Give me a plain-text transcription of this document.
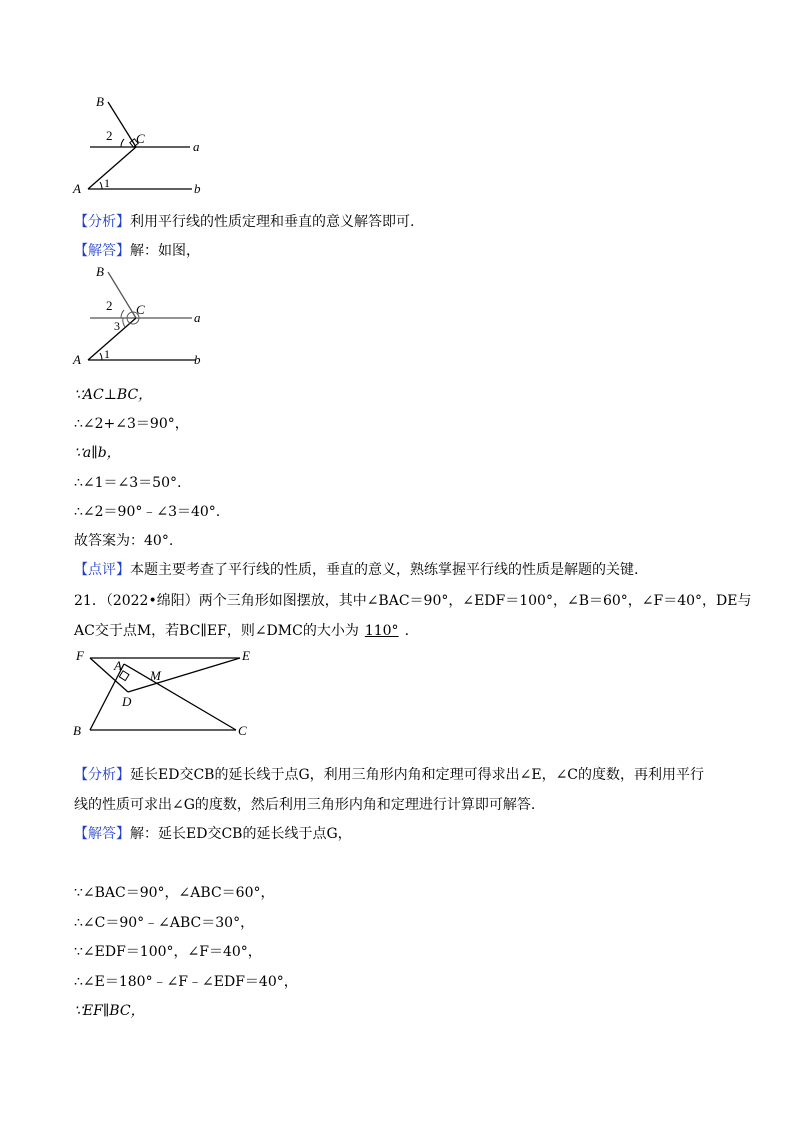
B
2 C
a
A 1	b
【分析】利用平行线的性质定理和垂直的意义解答即可.
【解答】解：如图，
B
2 C
3
a
A 1	b
∵AC⊥BC，
∴∠2+∠3＝90°，
∵a∥b，
∴∠1＝∠3＝50°.
∴∠2＝90°﹣∠3＝40°.
故答案为：40°.
【点评】本题主要考查了平行线的性质，垂直的意义，熟练掌握平行线的性质是解题的关键.
21．（2022•绵阳）两个三角形如图摆放，其中∠BAC＝90°，∠EDF＝100°，∠B＝60°，∠F＝40°，DE与
AC交于点M，若BC∥EF，则∠DMC的大小为 110° .
F
A
E
M
D
B	C
【分析】延长ED交CB的延长线于点G，利用三角形内角和定理可得求出∠E，∠C的度数，再利用平行
线的性质可求出∠G的度数，然后利用三角形内角和定理进行计算即可解答.
【解答】解：延长ED交CB的延长线于点G，
∵∠BAC＝90°，∠ABC＝60°，
∴∠C＝90°﹣∠ABC＝30°，
∵∠EDF＝100°，∠F＝40°，
∴∠E＝180°﹣∠F﹣∠EDF＝40°，
∵EF∥BC，
